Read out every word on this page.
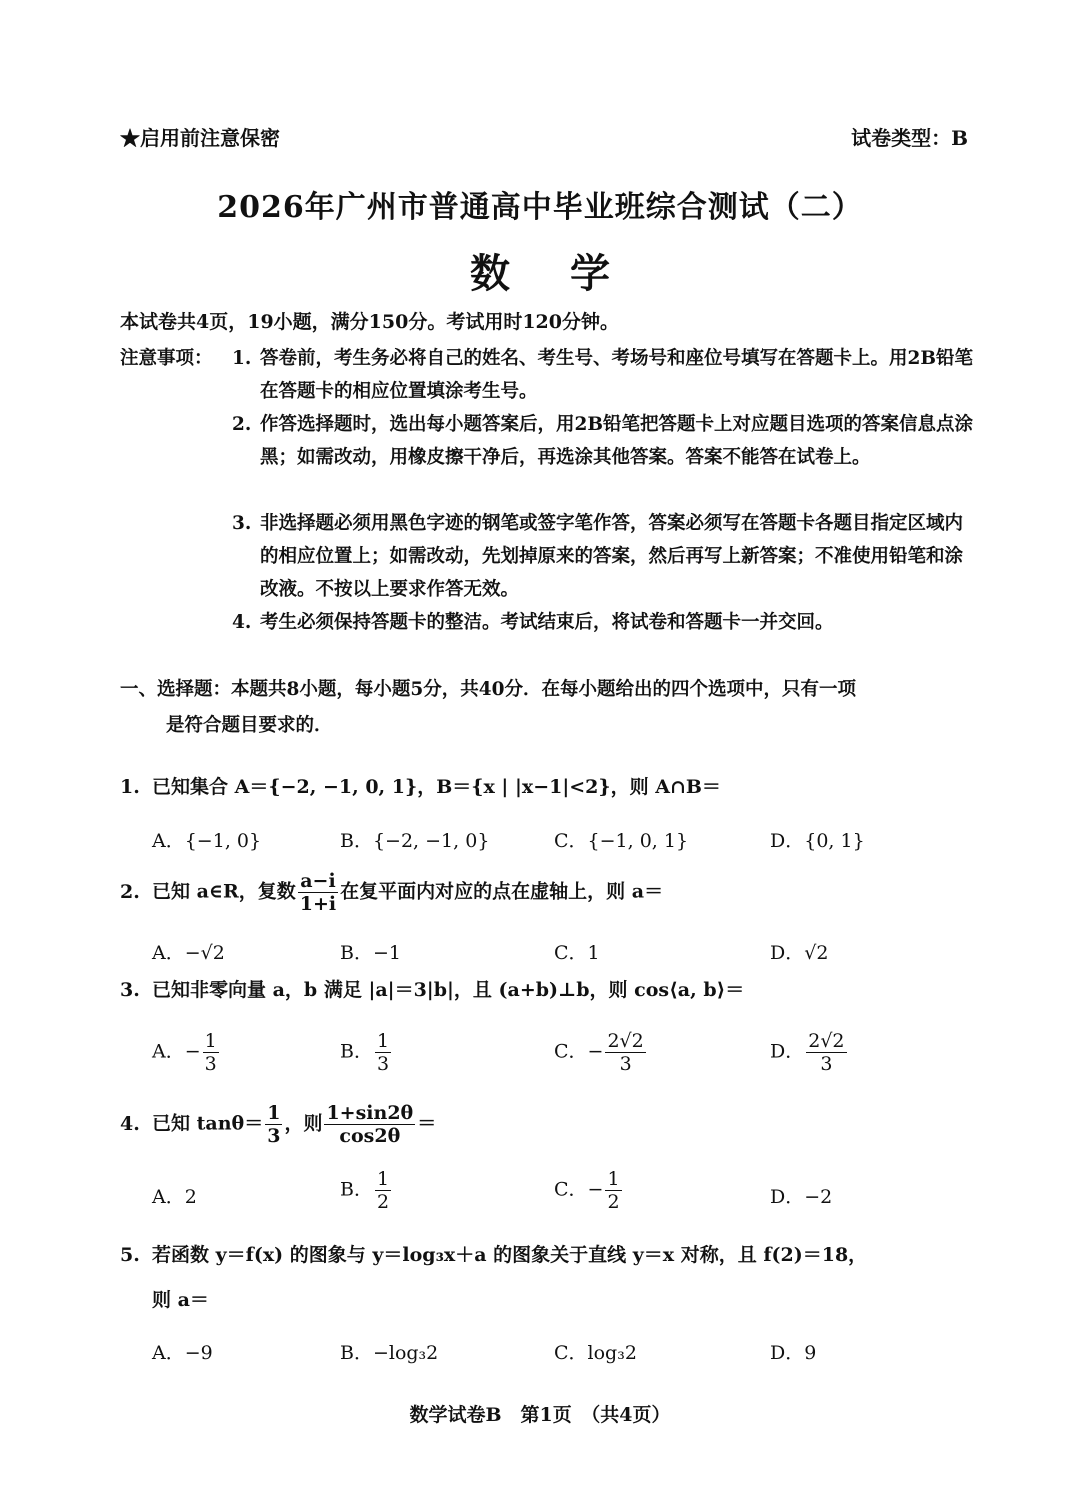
★启用前注意保密	试卷类型：B
2026年广州市普通高中毕业班综合测试（二）
数学
本试卷共4页，19小题，满分150分。考试用时120分钟。
注意事项： 1. 答卷前，考生务必将自己的姓名、考生号、考场号和座位号填写在答题卡上。用2B铅笔在答题卡的相应位置填涂考生号。
2. 作答选择题时，选出每小题答案后，用2B铅笔把答题卡上对应题目选项的答案信息点涂黑；如需改动，用橡皮擦干净后，再选涂其他答案。答案不能答在试卷上。
3. 非选择题必须用黑色字迹的钢笔或签字笔作答，答案必须写在答题卡各题目指定区域内的相应位置上；如需改动，先划掉原来的答案，然后再写上新答案；不准使用铅笔和涂改液。不按以上要求作答无效。
4. 考生必须保持答题卡的整洁。考试结束后，将试卷和答题卡一并交回。
一、选择题：本题共8小题，每小题5分，共40分．在每小题给出的四个选项中，只有一项
是符合题目要求的．
1. 已知集合 A＝{−2, −1, 0, 1}，B＝{x | |x−1|<2}，则 A∩B＝
A．{−1, 0}	B．{−2, −1, 0}	C．{−1, 0, 1}	D．{0, 1}
2. 已知 a∈R，复数 $\frac{a-i}{1+i}$ 在复平面内对应的点在虚轴上，则 a＝
A．−√2	B．−1	C．1	D．√2
3. 已知非零向量 a，b 满足 |a|＝3|b|，且 (a+b)⊥b，则 cos⟨a, b⟩＝
A．− $\frac{1}{3}$	B． $\frac{1}{3}$	C．− $\frac{2√2}{3}$	D． $\frac{2√2}{3}$
4. 已知 $\tan\theta= \frac{1}{3}$ ，则 $\frac{1+\sin 2\theta}{\cos 2\theta}$ ＝
A．2	B． $\frac{1}{2}$	C．− $\frac{1}{2}$	D．−2
5. 若函数 y＝f(x) 的图象与 y＝log₃x＋a 的图象关于直线 y＝x 对称，且 f(2)＝18，
则 a＝
A．−9	B．−log₃2	C．log₃2	D．9
数学试卷B　第1页　（共4页）
